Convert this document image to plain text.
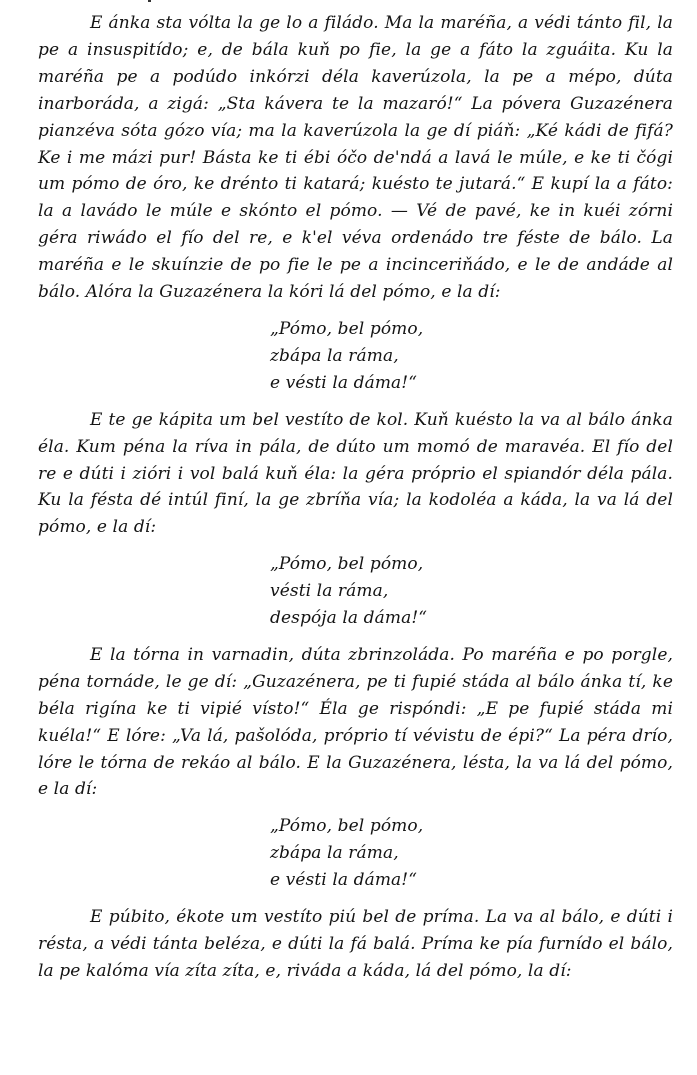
E ánka sta vólta la ge lo a filádo. Ma la maréña, a védi tánto fil, la pe a insuspitído; e, de bála kuň po fie, la ge a fáto la zguáita. Ku la maréña pe a podúdo inkórzi déla kaverúzola, la pe a mépo, dúta inarboráda, a zigá: „Sta kávera te la mazaró!“ La póvera Guzazénera pianzéva sóta gózo vía; ma la kaverúzola la ge dí piáň: „Ké kádi de fifá? Ke i me mázi pur! Básta ke ti ébi óčo de'ndá a lavá le múle, e ke ti čógi um pómo de óro, ke drénto ti katará; kuésto te jutará.“ E kupí la a fáto: la a lavádo le múle e skónto el pómo. — Vé de pavé, ke in kuéi zórni géra riwádo el fío del re, e k'el véva ordenádo tre féste de bálo. La maréña e le skuínzie de po fie le pe a incinceriňádo, e le de andáde al bálo. Alóra la Guzazénera la kóri lá del pómo, e la dí:

„Pómo, bel pómo,
zbápa la ráma,
e vésti la dáma!“

E te ge kápita um bel vestíto de kol. Kuň kuésto la va al bálo ánka éla. Kum péna la ríva in pála, de dúto um momó de maravéa. El fío del re e dúti i zióri i vol balá kuň éla: la géra próprio el spiandór déla pála. Ku la fésta dé intúl finí, la ge zbríňa vía; la kodoléa a káda, la va lá del pómo, e la dí:

„Pómo, bel pómo,
vésti la ráma,
despója la dáma!“

E la tórna in varnadin, dúta zbrinzoláda. Po maréña e po porgle, péna tornáde, le ge dí: „Guzazénera, pe ti fupié stáda al bálo ánka tí, ke béla rigína ke ti vipié vísto!“ Éla ge rispóndi: „E pe fupié stáda mi kuéla!“ E lóre: „Va lá, pašolóda, próprio tí vévistu de épi?“ La péra drío, lóre le tórna de rekáo al bálo. E la Guzazénera, lésta, la va lá del pómo, e la dí:

„Pómo, bel pómo,
zbápa la ráma,
e vésti la dáma!“

E púbito, ékote um vestíto piú bel de príma. La va al bálo, e dúti i résta, a védi tánta beléza, e dúti la fá balá. Príma ke pía furnído el bálo, la pe kalóma vía zíta zíta, e, riváda a káda, lá del pómo, la dí:
